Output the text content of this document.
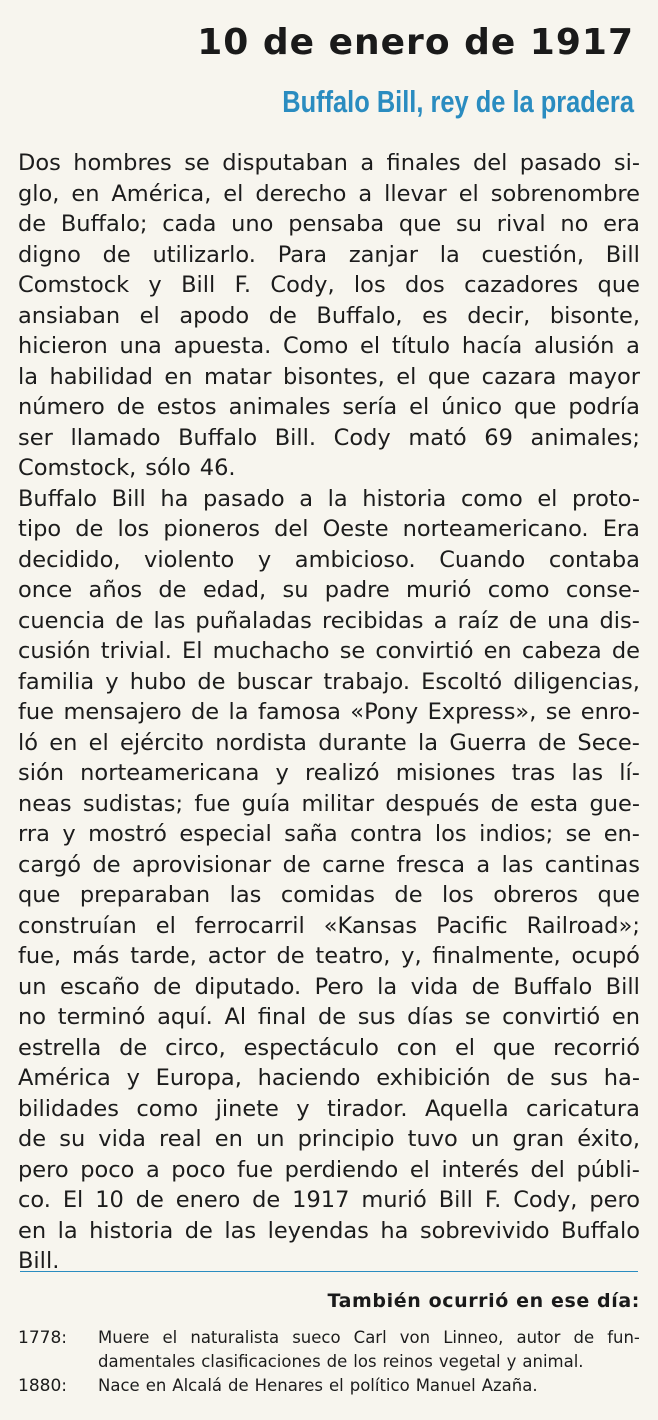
10 de enero de 1917
Buffalo Bill, rey de la pradera
Dos hombres se disputaban a finales del pasado si-
glo, en América, el derecho a llevar el sobrenombre
de Buffalo; cada uno pensaba que su rival no era
digno de utilizarlo. Para zanjar la cuestión, Bill
Comstock y Bill F. Cody, los dos cazadores que
ansiaban el apodo de Buffalo, es decir, bisonte,
hicieron una apuesta. Como el título hacía alusión a
la habilidad en matar bisontes, el que cazara mayor
número de estos animales sería el único que podría
ser llamado Buffalo Bill. Cody mató 69 animales;
Comstock, sólo 46.
Buffalo Bill ha pasado a la historia como el proto-
tipo de los pioneros del Oeste norteamericano. Era
decidido, violento y ambicioso. Cuando contaba
once años de edad, su padre murió como conse-
cuencia de las puñaladas recibidas a raíz de una dis-
cusión trivial. El muchacho se convirtió en cabeza de
familia y hubo de buscar trabajo. Escoltó diligencias,
fue mensajero de la famosa «Pony Express», se enro-
ló en el ejército nordista durante la Guerra de Sece-
sión norteamericana y realizó misiones tras las lí-
neas sudistas; fue guía militar después de esta gue-
rra y mostró especial saña contra los indios; se en-
cargó de aprovisionar de carne fresca a las cantinas
que preparaban las comidas de los obreros que
construían el ferrocarril «Kansas Pacific Railroad»;
fue, más tarde, actor de teatro, y, finalmente, ocupó
un escaño de diputado. Pero la vida de Buffalo Bill
no terminó aquí. Al final de sus días se convirtió en
estrella de circo, espectáculo con el que recorrió
América y Europa, haciendo exhibición de sus ha-
bilidades como jinete y tirador. Aquella caricatura
de su vida real en un principio tuvo un gran éxito,
pero poco a poco fue perdiendo el interés del públi-
co. El 10 de enero de 1917 murió Bill F. Cody, pero
en la historia de las leyendas ha sobrevivido Buffalo
Bill.
También ocurrió en ese día:
1778:	Muere el naturalista sueco Carl von Linneo, autor de fun-
damentales clasificaciones de los reinos vegetal y animal.
1880:	Nace en Alcalá de Henares el político Manuel Azaña.
